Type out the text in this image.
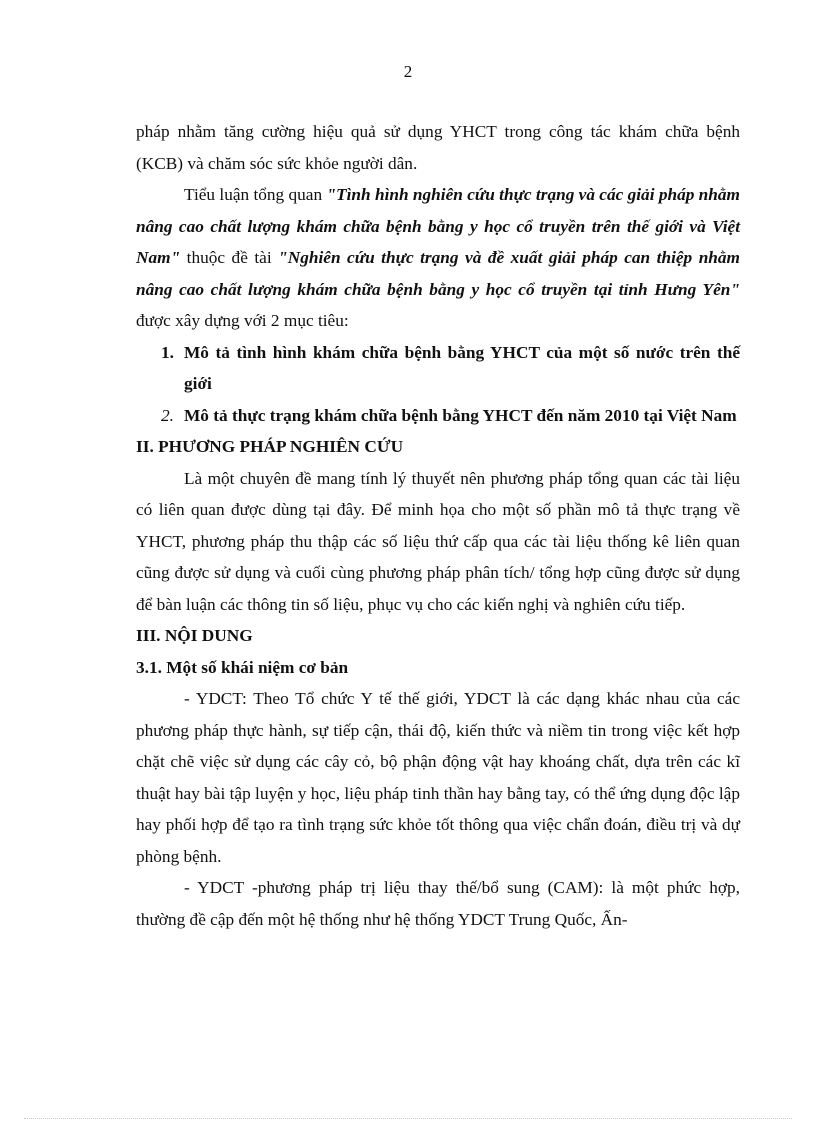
2

pháp nhằm tăng cường hiệu quả sử dụng YHCT trong công tác khám chữa bệnh (KCB) và chăm sóc sức khỏe người dân.

Tiểu luận tổng quan "Tình hình nghiên cứu thực trạng và các giải pháp nhằm nâng cao chất lượng khám chữa bệnh bằng y học cổ truyền trên thế giới và Việt Nam" thuộc đề tài "Nghiên cứu thực trạng và đề xuất giải pháp can thiệp nhằm nâng cao chất lượng khám chữa bệnh bằng y học cổ truyền tại tỉnh Hưng Yên" được xây dựng với 2 mục tiêu:

1. Mô tả tình hình khám chữa bệnh bằng YHCT của một số nước trên thế giới
2. Mô tả thực trạng khám chữa bệnh bằng YHCT đến năm 2010 tại Việt Nam

II. PHƯƠNG PHÁP NGHIÊN CỨU

Là một chuyên đề mang tính lý thuyết nên phương pháp tổng quan các tài liệu có liên quan được dùng tại đây. Để minh họa cho một số phần mô tả thực trạng về YHCT, phương pháp thu thập các số liệu thứ cấp qua các tài liệu thống kê liên quan cũng được sử dụng và cuối cùng phương pháp phân tích/ tổng hợp cũng được sử dụng để bàn luận các thông tin số liệu, phục vụ cho các kiến nghị và nghiên cứu tiếp.

III. NỘI DUNG

3.1. Một số khái niệm cơ bản

- YDCT: Theo Tổ chức Y tế thế giới, YDCT là các dạng khác nhau của các phương pháp thực hành, sự tiếp cận, thái độ, kiến thức và niềm tin trong việc kết hợp chặt chẽ việc sử dụng các cây cỏ, bộ phận động vật hay khoáng chất, dựa trên các kĩ thuật hay bài tập luyện y học, liệu pháp tinh thần hay bằng tay, có thể ứng dụng độc lập hay phối hợp để tạo ra tình trạng sức khỏe tốt thông qua việc chẩn đoán, điều trị và dự phòng bệnh.

- YDCT -phương pháp trị liệu thay thế/bổ sung (CAM): là một phức hợp, thường đề cập đến một hệ thống như hệ thống YDCT Trung Quốc, Ấn-
